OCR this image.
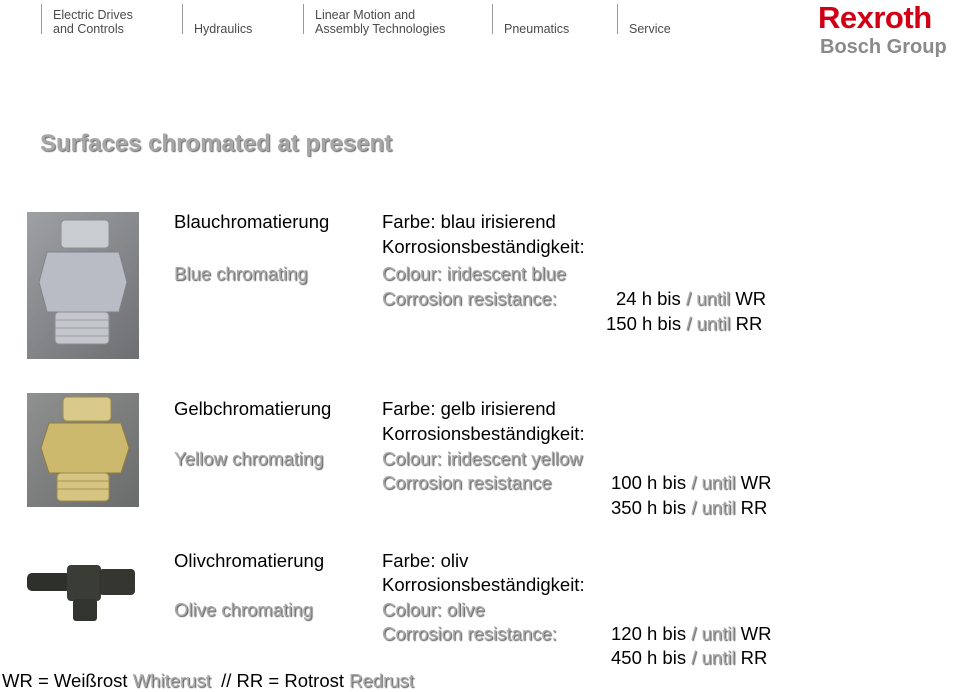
Electric Drives
and Controls	Hydraulics
Linear Motion and
Assembly Technologies	Pneumatics	Service	Rexroth
Bosch Group
Surfaces chromated at present
Blauchromatierung
Blue chromating
Farbe: blau irisierend
Korrosionsbeständigkeit:
Colour: iridescent blue
Corrosion resistance:	24 h bis / until WR
150 h bis / until RR
Gelbchromatierung
Yellow chromating
Farbe: gelb irisierend
Korrosionsbeständigkeit:
Colour: iridescent yellow
Corrosion resistance	100 h bis / until WR
350 h bis / until RR
Olivchromatierung
Olive chromating
Farbe: oliv
Korrosionsbeständigkeit:
Colour: olive
Corrosion resistance:	120 h bis / until WR
450 h bis / until RR
WR = Weißrost Whiterust // RR = Rotrost Redrust
